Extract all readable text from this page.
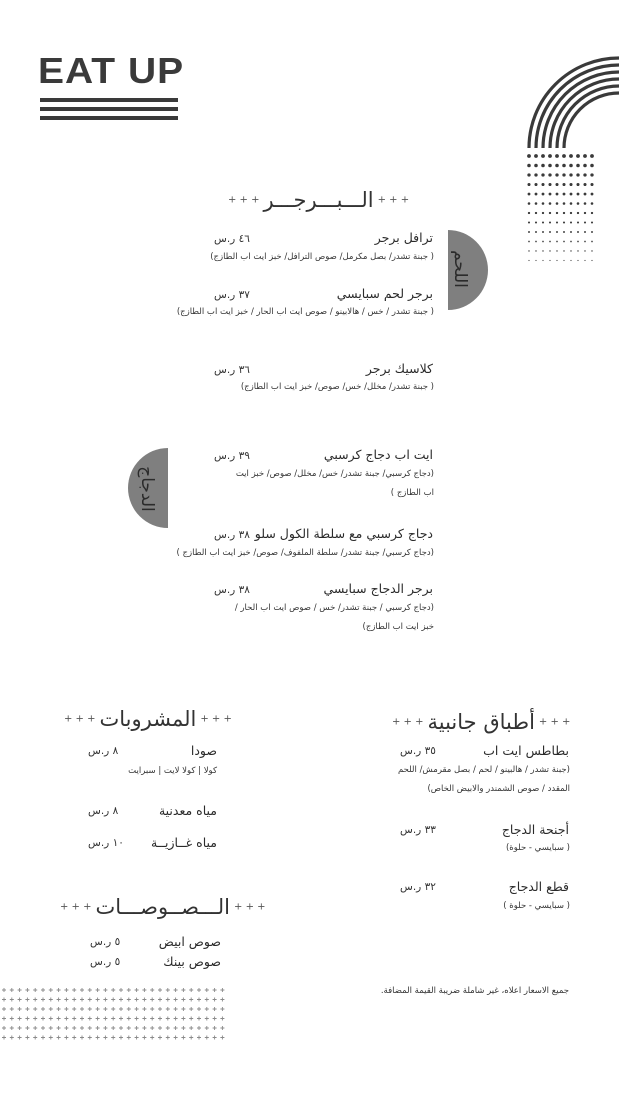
EAT UP
+ + +الـــبـــرجـــر+ + +
اللحم
ترافل برجر
٤٦ ر.س
( جبنة تشدر/ بصل مكرمل/ صوص الترافل/ خبز ايت اب الطازج)
برجر لحم سبايسي
٣٧ ر.س
( جبنة تشدر / خس / هالابينو / صوص ايت اب الحار / خبز ايت اب الطازج)
كلاسيك برجر
٣٦ ر.س
( جبنة تشدر/ مخلل/ خس/ صوص/ خبز ايت اب الطازج)
الدجاج
ايت اب دجاج كرسبي
٣٩ ر.س
(دجاج كرسبي/ جبنة تشدر/ خس/ مخلل/ صوص/ خبز ايت اب الطازج )
دجاج كرسبي مع سلطة الكول سلو
٣٨ ر.س
(دجاج كرسبي/ جبنة تشدر/ سلطة الملفوف/ صوص/ خبز ايت اب الطازج )
برجر الدجاج سبايسي
٣٨ ر.س
(دجاج كرسبي / جبنة تشدر/ خس / صوص ايت اب الحار / خبز ايت اب الطازج)
+ + +أطباق جانبية+ + +
بطاطس ايت اب
٣٥ ر.س
(جبنة تشدر / هالبينو / لحم / بصل مقرمش/ اللحم المقدد / صوص الشمندر والابيض الخاص)
أجنحة الدجاج
٣٣ ر.س
( سبايسي - حلوة)
قطع الدجاج
٣٢ ر.س
( سبايسي - حلوة )
+ + +المشروبات+ + +
صودا
٨ ر.س
كولا | كولا لايت | سبرايت
مياه معدنية
٨ ر.س
مياه غــازيــة
١٠ ر.س
+ + +الـــصــوصـــات+ + +
صوص ابيض
٥ ر.س
صوص بينك
٥ ر.س
جميع الاسعار اعلاه، غير شاملة ضريبة القيمة المضافة.
